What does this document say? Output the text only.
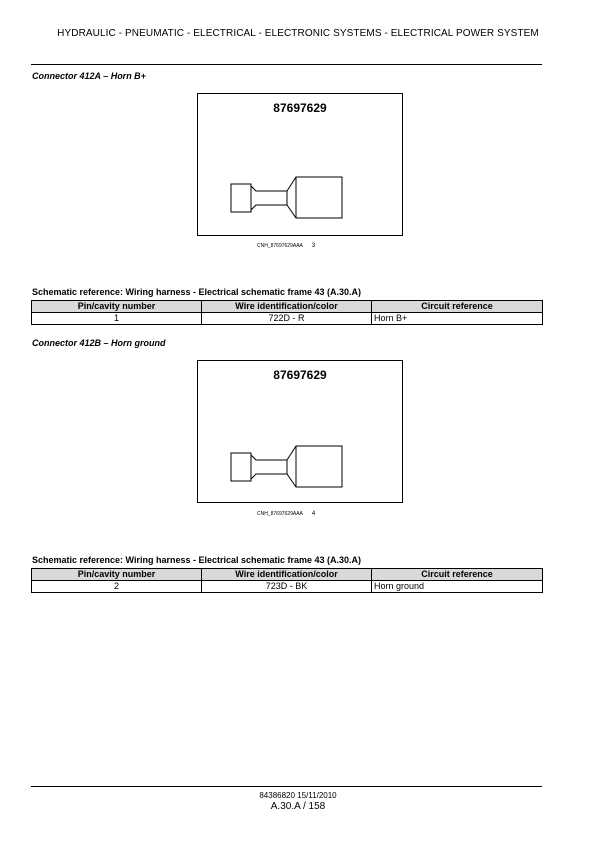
HYDRAULIC - PNEUMATIC - ELECTRICAL - ELECTRONIC SYSTEMS - ELECTRICAL POWER SYSTEM
Connector 412A – Horn B+
87697629
CNH_87697629AAA 3
Schematic reference: Wiring harness - Electrical schematic frame 43 (A.30.A)
Pin/cavity number	Wire identification/color	Circuit reference
1	722D - R	Horn B+
Connector 412B – Horn ground
87697629
CNH_87697629AAA 4
Schematic reference: Wiring harness - Electrical schematic frame 43 (A.30.A)
Pin/cavity number	Wire identification/color	Circuit reference
2	723D - BK	Horn ground
84386820 15/11/2010
A.30.A / 158
